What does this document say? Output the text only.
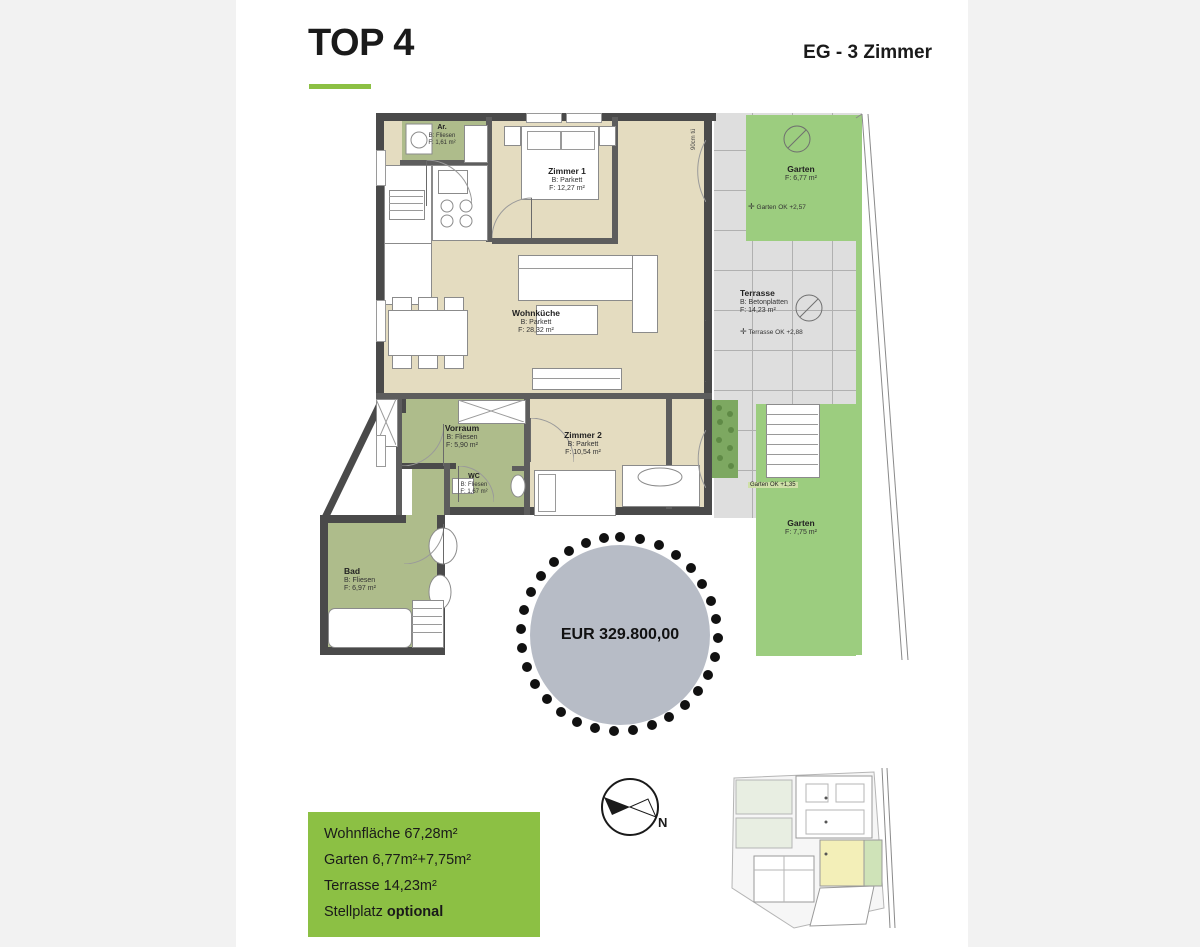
TOP 4	EG - 3 Zimmer
Ar.
B: Fliesen
F: 1,61 m²
Zimmer 1
B: Parkett
F: 12,27 m²
Wohnküche
B: Parkett
F: 28,32 m²
Vorraum
B: Fliesen
F: 5,90 m²
WC
B: Fliesen
F: 1,67 m²
Zimmer 2
B: Parkett
F: 10,54 m²
Bad
B: Fliesen
F: 6,97 m²
Terrasse
B: Betonplatten
F: 14,23 m²
Garten
F: 6,77 m²
Garten
F: 7,75 m²
✛ Garten OK +2,57
✛ Terrasse OK +2,88
Garten OK +1,35
90cm tü
EUR 329.800,00
Wohnfläche 67,28m²
Garten 6,77m²+7,75m²
Terrasse 14,23m²
Stellplatz optional
N
